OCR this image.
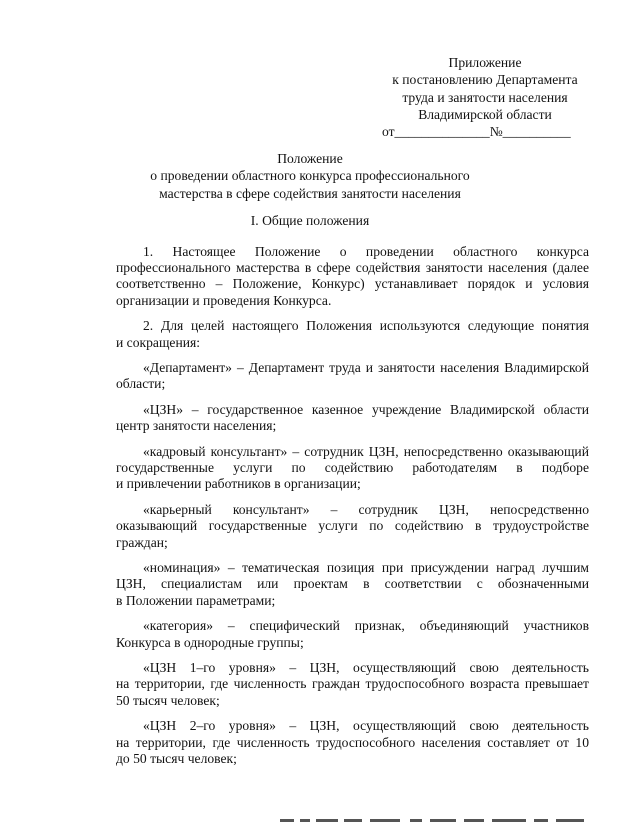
Приложение
к постановлению Департамента
труда и занятости населения
Владимирской области
от______________№__________
Положение
о проведении областного конкурса профессионального
мастерства в сфере содействия занятости населения
I. Общие положения

1. Настоящее Положение о проведении областного конкурса
профессионального мастерства в сфере содействия занятости населения (далее
соответственно – Положение, Конкурс) устанавливает порядок и условия
организации и проведения Конкурса.

2. Для целей настоящего Положения используются следующие понятия
и сокращения:

«Департамент» – Департамент труда и занятости населения Владимирской
области;

«ЦЗН» – государственное казенное учреждение Владимирской области
центр занятости населения;

«кадровый консультант» – сотрудник ЦЗН, непосредственно оказывающий
государственные услуги по содействию работодателям в подборе
и привлечении работников в организации;

«карьерный консультант» – сотрудник ЦЗН, непосредственно
оказывающий государственные услуги по содействию в трудоустройстве
граждан;

«номинация» – тематическая позиция при присуждении наград лучшим
ЦЗН, специалистам или проектам в соответствии с обозначенными
в Положении параметрами;

«категория» – специфический признак, объединяющий участников
Конкурса в однородные группы;

«ЦЗН 1–го уровня» – ЦЗН, осуществляющий свою деятельность
на территории, где численность граждан трудоспособного возраста превышает
50 тысяч человек;

«ЦЗН 2–го уровня» – ЦЗН, осуществляющий свою деятельность
на территории, где численность трудоспособного населения составляет от 10
до 50 тысяч человек;
